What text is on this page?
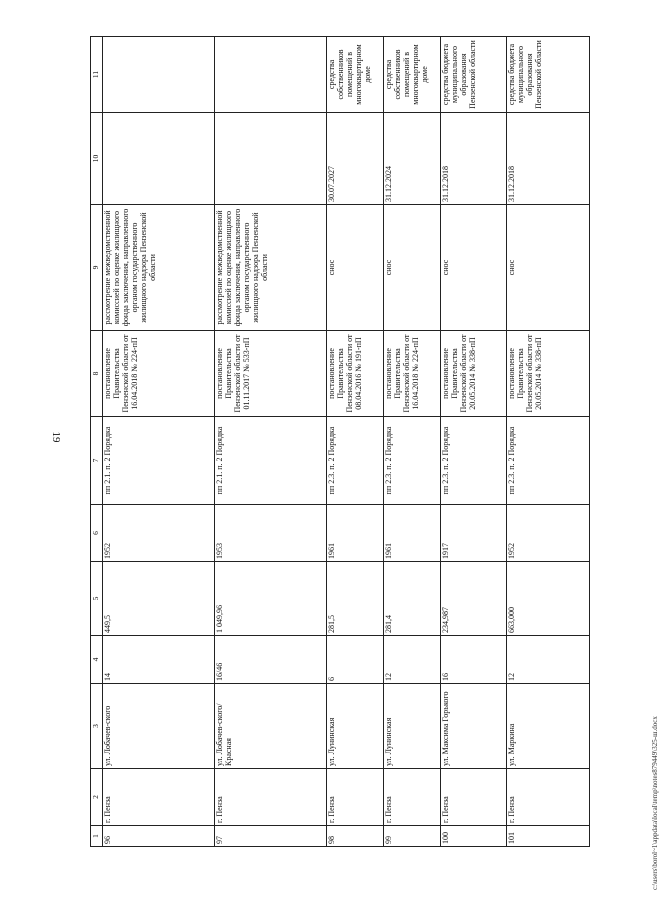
19
1	2	3	4	5	6	7	8	9	10	11
96	г. Пенза	ул. Лобачев-ского	14	449,5	1952	пп 2.1. п. 2 Порядка	постановление Правительства Пензенской области от 16.04.2018 № 224-пП	рассмотрение межведомственной комиссией по оценке жилищного фонда заключения, направленного органом государственного жилищного надзора Пензенской области		
97	г. Пенза	ул. Лобачев-ского/ Красная	16/46	1 049,96	1953	пп 2.1. п. 2 Порядка	постановление Правительства Пензенской области от 01.11.2017 № 533-пП	рассмотрение межведомственной комиссией по оценке жилищного фонда заключения, направленного органом государственного жилищного надзора Пензенской области		
98	г. Пенза	ул. Лунинская	6	281,5	1961	пп 2.3. п. 2 Порядка	постановление Правительства Пензенской области от 08.04.2016 № 191-пП	снос	30.07.2027	средства собственников помещений в многоквартирном доме
99	г. Пенза	ул. Лунинская	12	281,4	1961	пп 2.3. п. 2 Порядка	постановление Правительства Пензенской области от 16.04.2018 № 224-пП	снос	31.12.2024	средства собственников помещений в многоквартирном доме
100	г. Пенза	ул. Максима Горького	16	234,987	1917	пп 2.3. п. 2 Порядка	постановление Правительства Пензенской области от 20.05.2014 № 338-пП	снос	31.12.2018	средства бюджета муниципального образования Пензенской области
101	г. Пенза	ул. Маркина	12	663,000	1952	пп 2.3. п. 2 Порядка	постановление Правительства Пензенской области от 20.05.2014 № 338-пП	снос	31.12.2018	средства бюджета муниципального образования Пензенской области
c:\users\borol~1\appdata\local\temp\notes879449\325-ш.docx
